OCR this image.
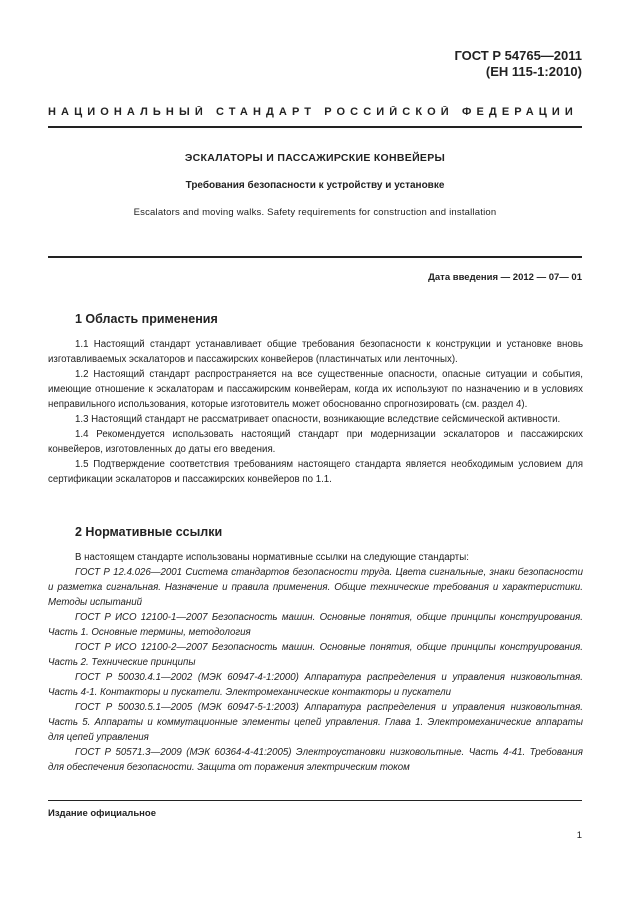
ГОСТ Р 54765—2011
(ЕН 115-1:2010)
НАЦИОНАЛЬНЫЙ СТАНДАРТ РОССИЙСКОЙ ФЕДЕРАЦИИ
ЭСКАЛАТОРЫ И ПАССАЖИРСКИЕ КОНВЕЙЕРЫ
Требования безопасности к устройству и установке
Escalators and moving walks. Safety requirements for construction and installation
Дата введения — 2012 — 07— 01
1 Область применения

1.1 Настоящий стандарт устанавливает общие требования безопасности к конструкции и установке вновь изготавливаемых эскалаторов и пассажирских конвейеров (пластинчатых или ленточных).

1.2 Настоящий стандарт распространяется на все существенные опасности, опасные ситуации и события, имеющие отношение к эскалаторам и пассажирским конвейерам, когда их используют по назначению и в условиях неправильного использования, которые изготовитель может обоснованно спрогнозировать (см. раздел 4).

1.3 Настоящий стандарт не рассматривает опасности, возникающие вследствие сейсмической активности.

1.4 Рекомендуется использовать настоящий стандарт при модернизации эскалаторов и пассажирских конвейеров, изготовленных до даты его введения.

1.5 Подтверждение соответствия требованиям настоящего стандарта является необходимым условием для сертификации эскалаторов и пассажирских конвейеров по 1.1.

2 Нормативные ссылки

В настоящем стандарте использованы нормативные ссылки на следующие стандарты:

ГОСТ Р 12.4.026—2001 Система стандартов безопасности труда. Цвета сигнальные, знаки безопасности и разметка сигнальная. Назначение и правила применения. Общие технические требования и характеристики. Методы испытаний

ГОСТ Р ИСО 12100-1—2007 Безопасность машин. Основные понятия, общие принципы конструирования. Часть 1. Основные термины, методология

ГОСТ Р ИСО 12100-2—2007 Безопасность машин. Основные понятия, общие принципы конструирования. Часть 2. Технические принципы

ГОСТ Р 50030.4.1—2002 (МЭК 60947-4-1:2000) Аппаратура распределения и управления низковольтная. Часть 4-1. Контакторы и пускатели. Электромеханические контакторы и пускатели

ГОСТ Р 50030.5.1—2005 (МЭК 60947-5-1:2003) Аппаратура распределения и управления низковольтная. Часть 5. Аппараты и коммутационные элементы цепей управления. Глава 1. Электромеханические аппараты для цепей управления

ГОСТ Р 50571.3—2009 (МЭК 60364-4-41:2005) Электроустановки низковольтные. Часть 4-41. Требования для обеспечения безопасности. Защита от поражения электрическим током

Издание официальное
1
